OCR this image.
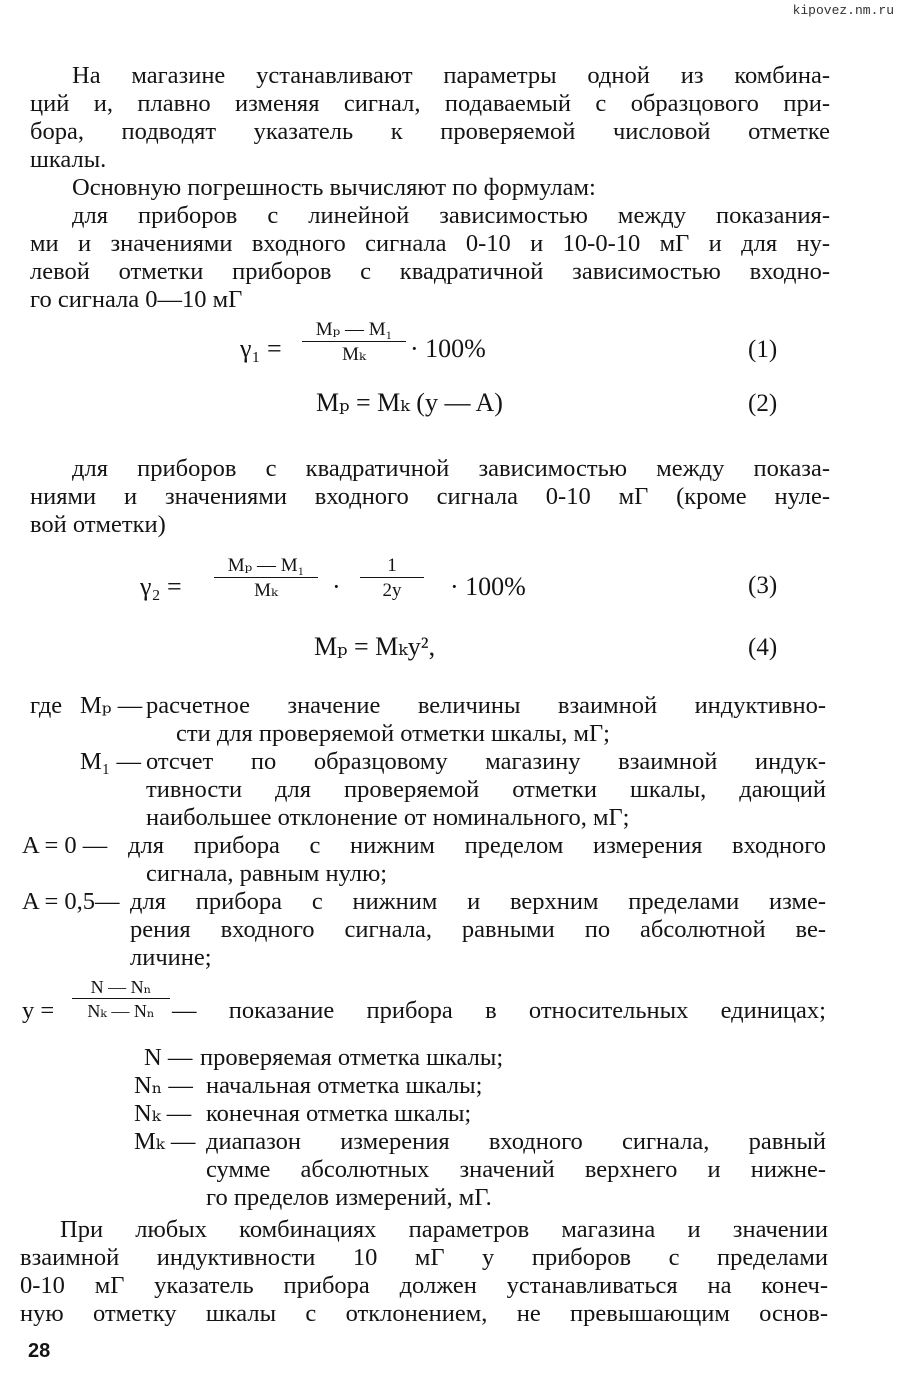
kipovez.nm.ru
На магазине устанавливают параметры одной из комбина-
ций и, плавно изменяя сигнал, подаваемый с образцового при-
бора, подводят указатель к проверяемой числовой отметке
шкалы.
Основную погрешность вычисляют по формулам:
для приборов с линейной зависимостью между показания-
ми и значениями входного сигнала 0-10 и 10-0-10 мГ и для ну-
левой отметки приборов с квадратичной зависимостью входно-
го сигнала 0—10 мГ
$\gamma_1 = \frac{\text{Mₚ — M₁}}{\text{Mₖ}} \cdot 100\%$	(1)
Mₚ = Mₖ (y — A)	(2)
для приборов с квадратичной зависимостью между показа-
ниями и значениями входного сигнала 0-10 мГ (кроме нуле-
вой отметки)
$\gamma_2 = \frac{\text{Mₚ — M₁}}{\text{Mₖ}} \cdot \frac{1}{2y} \cdot 100\%$	(3)
Mₚ = Mₖy²,	(4)
где Mₚ — расчетное значение величины взаимной индуктивно-
сти для проверяемой отметки шкалы, мГ;
M₁ — отсчет по образцовому магазину взаимной индук-
тивности для проверяемой отметки шкалы, дающий
наибольшее отклонение от номинального, мГ;
A = 0 — для прибора с нижним пределом измерения входного
сигнала, равным нулю;
A = 0,5— для прибора с нижним и верхним пределами изме-
рения входного сигнала, равными по абсолютной ве-
личине;
$y = \frac{\text{N — Nₙ}}{\text{Nₖ — Nₙ}}$ — показание прибора в относительных единицах;
N — проверяемая отметка шкалы;
Nₙ — начальная отметка шкалы;
Nₖ — конечная отметка шкалы;
Mₖ — диапазон измерения входного сигнала, равный
сумме абсолютных значений верхнего и нижне-
го пределов измерений, мГ.
При любых комбинациях параметров магазина и значении
взаимной индуктивности 10 мГ у приборов с пределами
0-10 мГ указатель прибора должен устанавливаться на конеч-
ную отметку шкалы с отклонением, не превышающим основ-
28
